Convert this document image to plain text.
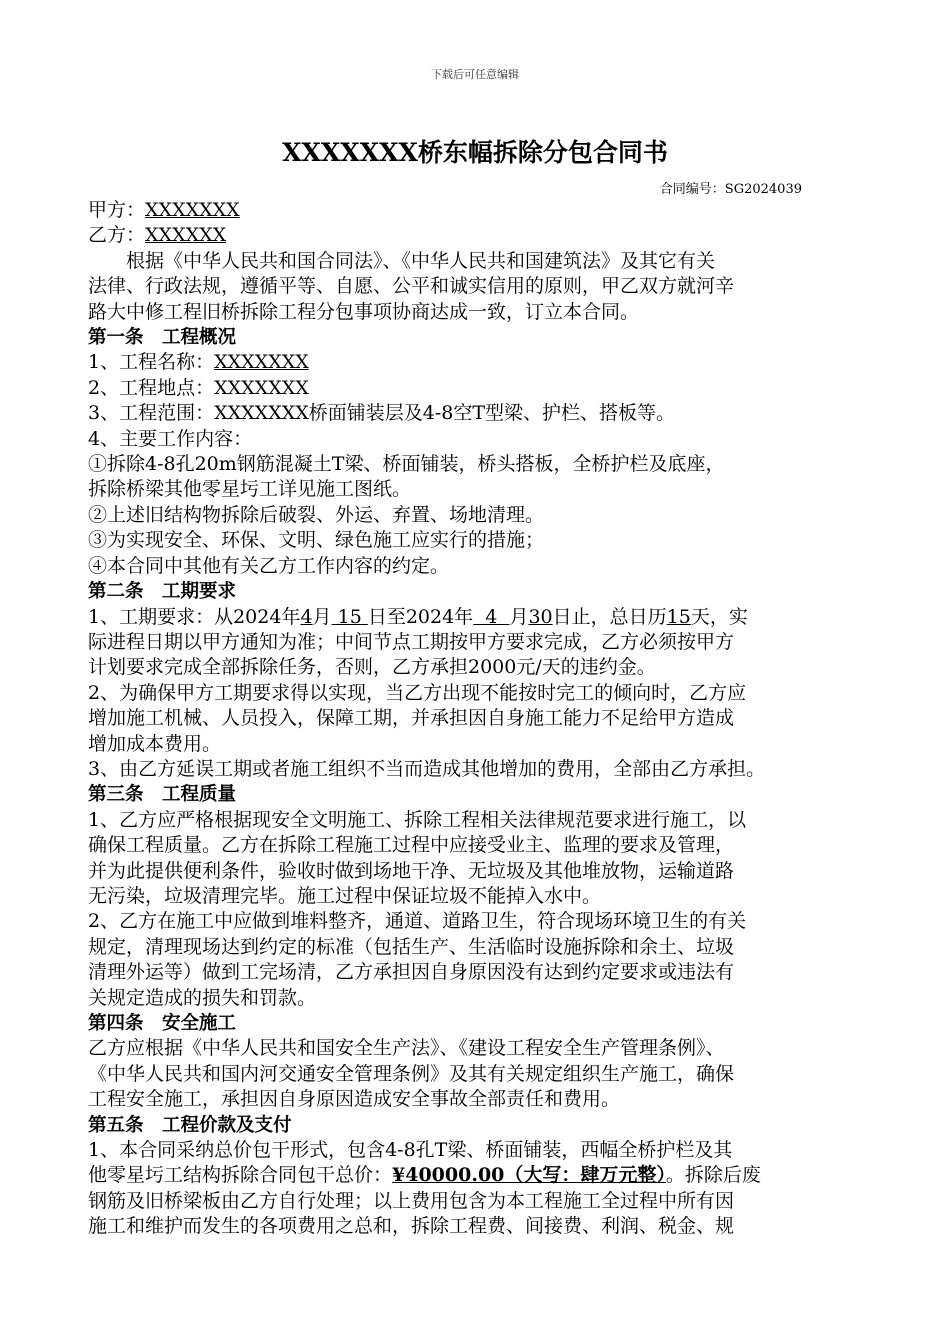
下载后可任意编辑
XXXXXXX桥东幅拆除分包合同书
合同编号：SG2024039

甲方：XXXXXXX

乙方：XXXXXX

根据《中华人民共和国合同法》、《中华人民共和国建筑法》及其它有关

法律、行政法规，遵循平等、自愿、公平和诚实信用的原则，甲乙双方就河辛

路大中修工程旧桥拆除工程分包事项协商达成一致，订立本合同。

第一条　工程概况

1、工程名称：XXXXXXX

2、工程地点：XXXXXXX

3、工程范围：XXXXXXX桥面铺装层及4-8空T型梁、护栏、搭板等。

4、主要工作内容：

①拆除4-8孔20m钢筋混凝土T梁、桥面铺装，桥头搭板，全桥护栏及底座，

拆除桥梁其他零星圬工详见施工图纸。

②上述旧结构物拆除后破裂、外运、弃置、场地清理。

③为实现安全、环保、文明、绿色施工应实行的措施；

④本合同中其他有关乙方工作内容的约定。

第二条　工期要求

1、工期要求：从2024年4月 15 日至2024年  4  月30日止，总日历15天，实

际进程日期以甲方通知为准；中间节点工期按甲方要求完成，乙方必须按甲方

计划要求完成全部拆除任务，否则，乙方承担2000元/天的违约金。

2、为确保甲方工期要求得以实现，当乙方出现不能按时完工的倾向时，乙方应

增加施工机械、人员投入，保障工期，并承担因自身施工能力不足给甲方造成

增加成本费用。

3、由乙方延误工期或者施工组织不当而造成其他增加的费用，全部由乙方承担。

第三条　工程质量

1、乙方应严格根据现安全文明施工、拆除工程相关法律规范要求进行施工，以

确保工程质量。乙方在拆除工程施工过程中应接受业主、监理的要求及管理，

并为此提供便利条件，验收时做到场地干净、无垃圾及其他堆放物，运输道路

无污染，垃圾清理完毕。施工过程中保证垃圾不能掉入水中。

2、乙方在施工中应做到堆料整齐，通道、道路卫生，符合现场环境卫生的有关

规定，清理现场达到约定的标准（包括生产、生活临时设施拆除和余土、垃圾

清理外运等）做到工完场清，乙方承担因自身原因没有达到约定要求或违法有

关规定造成的损失和罚款。

第四条　安全施工

乙方应根据《中华人民共和国安全生产法》、《建设工程安全生产管理条例》、

《中华人民共和国内河交通安全管理条例》及其有关规定组织生产施工，确保

工程安全施工，承担因自身原因造成安全事故全部责任和费用。

第五条　工程价款及支付

1、本合同采纳总价包干形式，包含4-8孔T梁、桥面铺装，西幅全桥护栏及其

他零星圬工结构拆除合同包干总价：¥40000.00（大写：肆万元整）。拆除后废

钢筋及旧桥梁板由乙方自行处理；以上费用包含为本工程施工全过程中所有因

施工和维护而发生的各项费用之总和，拆除工程费、间接费、利润、税金、规
